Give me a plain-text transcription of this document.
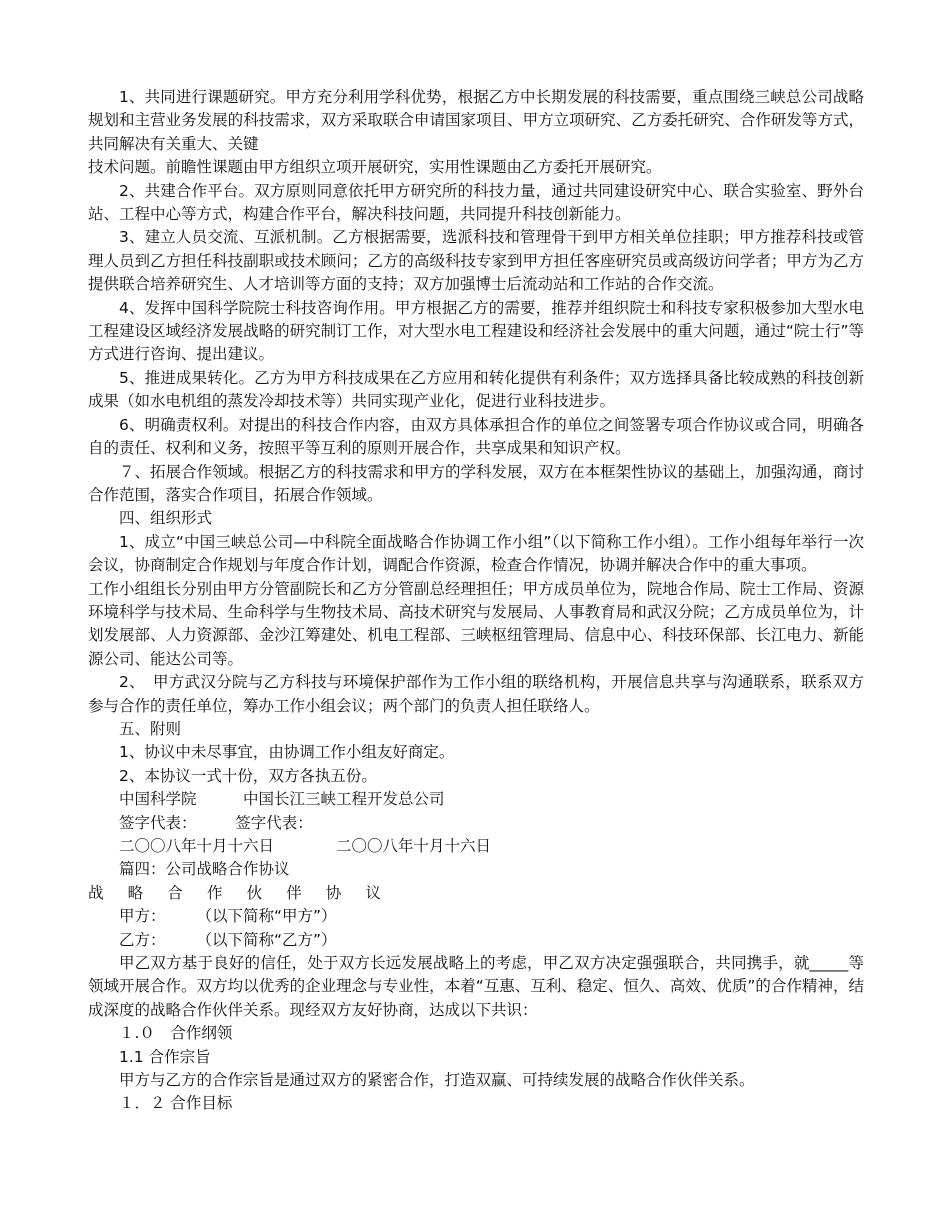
1、共同进行课题研究。甲方充分利用学科优势，根据乙方中长期发展的科技需要，重点围绕三峡总公司战略规划和主营业务发展的科技需求，双方采取联合申请国家项目、甲方立项研究、乙方委托研究、合作研发等方式，共同解决有关重大、关键

技术问题。前瞻性课题由甲方组织立项开展研究，实用性课题由乙方委托开展研究。

2、共建合作平台。双方原则同意依托甲方研究所的科技力量，通过共同建设研究中心、联合实验室、野外台站、工程中心等方式，构建合作平台，解决科技问题，共同提升科技创新能力。

3、建立人员交流、互派机制。乙方根据需要，选派科技和管理骨干到甲方相关单位挂职；甲方推荐科技或管理人员到乙方担任科技副职或技术顾问；乙方的高级科技专家到甲方担任客座研究员或高级访问学者；甲方为乙方提供联合培养研究生、人才培训等方面的支持；双方加强博士后流动站和工作站的合作交流。

4、发挥中国科学院院士科技咨询作用。甲方根据乙方的需要，推荐并组织院士和科技专家积极参加大型水电工程建设区域经济发展战略的研究制订工作，对大型水电工程建设和经济社会发展中的重大问题，通过“院士行”等方式进行咨询、提出建议。

5、推进成果转化。乙方为甲方科技成果在乙方应用和转化提供有利条件；双方选择具备比较成熟的科技创新成果（如水电机组的蒸发冷却技术等）共同实现产业化，促进行业科技进步。

6、明确责权利。对提出的科技合作内容，由双方具体承担合作的单位之间签署专项合作协议或合同，明确各自的责任、权利和义务，按照平等互利的原则开展合作，共享成果和知识产权。

７、拓展合作领域。根据乙方的科技需求和甲方的学科发展，双方在本框架性协议的基础上，加强沟通，商讨合作范围，落实合作项目，拓展合作领域。

四、组织形式

1、成立“中国三峡总公司—中科院全面战略合作协调工作小组”（以下简称工作小组）。工作小组每年举行一次会议，协商制定合作规划与年度合作计划，调配合作资源，检查合作情况，协调并解决合作中的重大事项。

工作小组组长分别由甲方分管副院长和乙方分管副总经理担任；甲方成员单位为，院地合作局、院士工作局、资源环境科学与技术局、生命科学与生物技术局、高技术研究与发展局、人事教育局和武汉分院；乙方成员单位为，计划发展部、人力资源部、金沙江筹建处、机电工程部、三峡枢纽管理局、信息中心、科技环保部、长江电力、新能源公司、能达公司等。

2、　甲方武汉分院与乙方科技与环境保护部作为工作小组的联络机构，开展信息共享与沟通联系，联系双方参与合作的责任单位，筹办工作小组会议；两个部门的负责人担任联络人。

五、附则

1、协议中未尽事宜，由协调工作小组友好商定。

2、本协议一式十份，双方各执五份。

中国科学院　　　中国长江三峡工程开发总公司

签字代表：　　　签字代表：

二〇〇八年十月十六日　　　　二〇〇八年十月十六日

篇四：公司战略合作协议

战 略 合 作 伙 伴 协 议

甲方：　　　（以下简称“甲方”）

乙方：　　　（以下简称“乙方”）

甲乙双方基于良好的信任，处于双方长远发展战略上的考虑，甲乙双方决定强强联合，共同携手，就_____等领域开展合作。双方均以优秀的企业理念与专业性，本着“互惠、互利、稳定、恒久、高效、优质”的合作精神，结成深度的战略合作伙伴关系。现经双方友好协商，达成以下共识：

１.０　合作纲领

1.1 合作宗旨

甲方与乙方的合作宗旨是通过双方的紧密合作，打造双赢、可持续发展的战略合作伙伴关系。

１．２ 合作目标
